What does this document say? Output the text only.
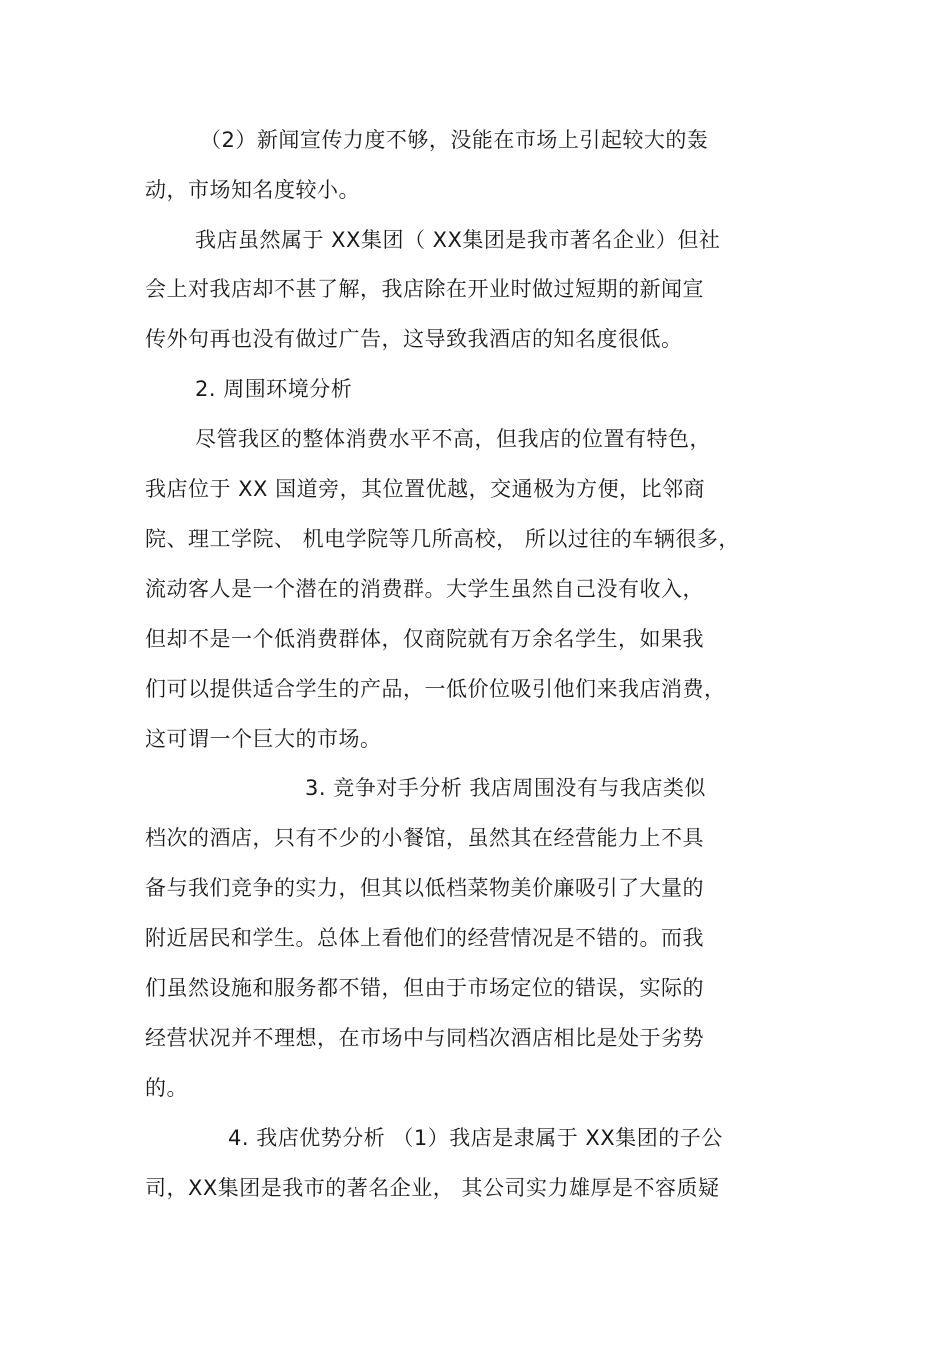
（2）新闻宣传力度不够，没能在市场上引起较大的轰
动，市场知名度较小。
我店虽然属于 XX集团（ XX集团是我市著名企业）但社
会上对我店却不甚了解，我店除在开业时做过短期的新闻宣
传外句再也没有做过广告，这导致我酒店的知名度很低。
2. 周围环境分析
尽管我区的整体消费水平不高，但我店的位置有特色，
我店位于 XX 国道旁，其位置优越，交通极为方便，比邻商
院、理工学院、 机电学院等几所高校， 所以过往的车辆很多，
流动客人是一个潜在的消费群。大学生虽然自己没有收入，
但却不是一个低消费群体，仅商院就有万余名学生，如果我
们可以提供适合学生的产品，一低价位吸引他们来我店消费，
这可谓一个巨大的市场。
3. 竞争对手分析 我店周围没有与我店类似
档次的酒店，只有不少的小餐馆，虽然其在经营能力上不具
备与我们竞争的实力，但其以低档菜物美价廉吸引了大量的
附近居民和学生。总体上看他们的经营情况是不错的。而我
们虽然设施和服务都不错，但由于市场定位的错误，实际的
经营状况并不理想，在市场中与同档次酒店相比是处于劣势
的。
4. 我店优势分析 （1）我店是隶属于 XX集团的子公
司，XX集团是我市的著名企业， 其公司实力雄厚是不容质疑
